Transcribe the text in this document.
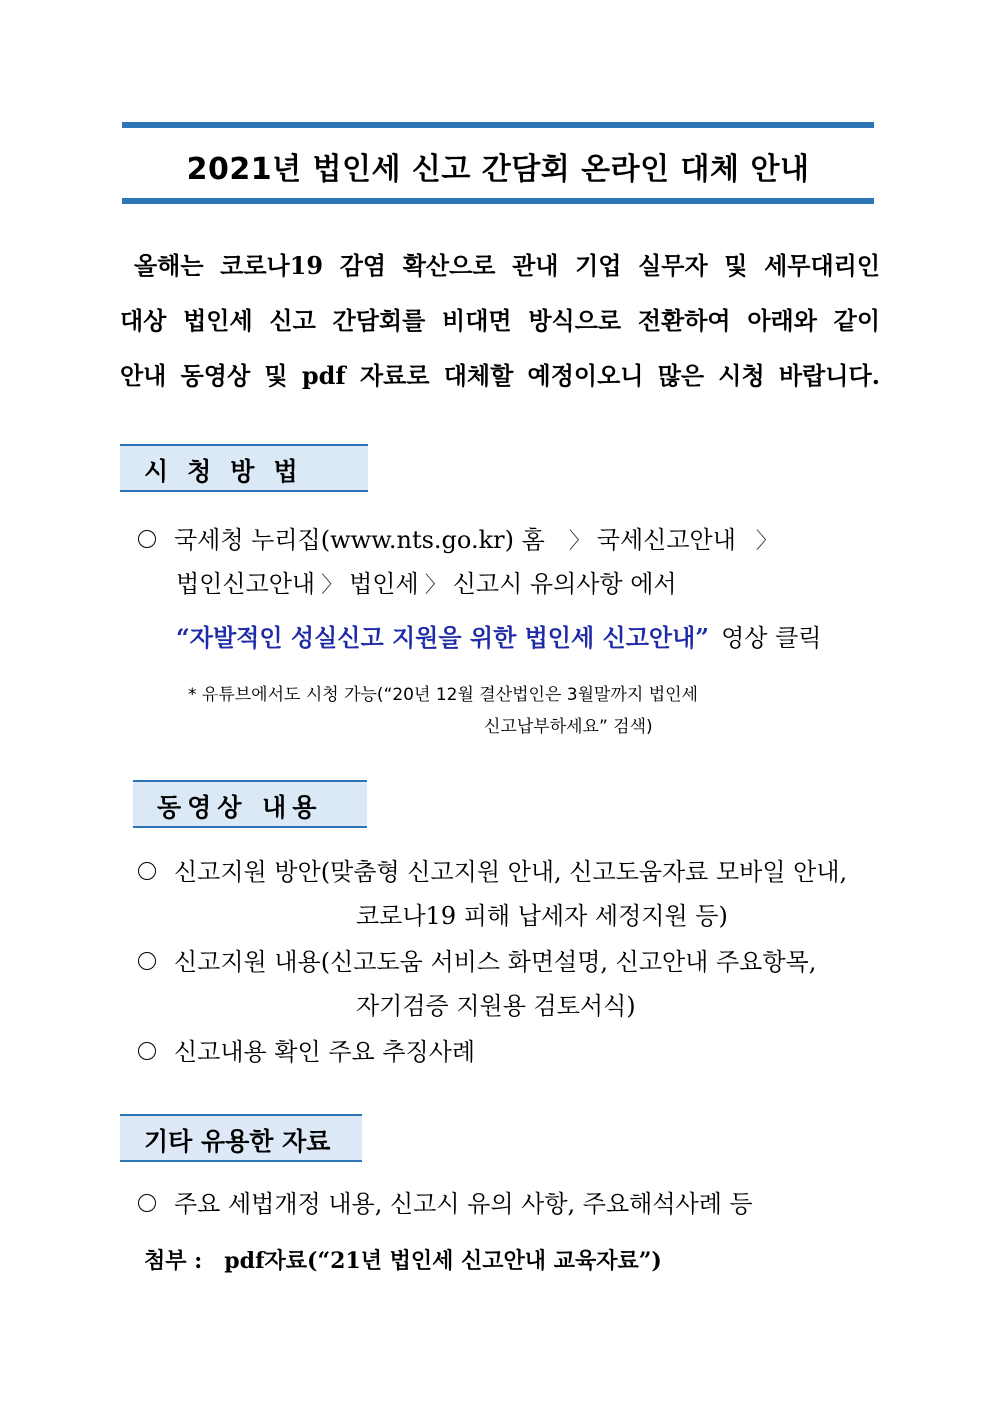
2021년 법인세 신고 간담회 온라인 대체 안내
올해는 코로나19 감염 확산으로 관내 기업 실무자 및 세무대리인
대상 법인세 신고 간담회를 비대면 방식으로 전환하여 아래와 같이
안내 동영상 및 pdf 자료로 대체할 예정이오니 많은 시청 바랍니다.
시청방법
국세청 누리집(www.nts.go.kr) 홈 〉 국세신고안내 〉
법인신고안내 〉 법인세 〉 신고시 유의사항 에서
“자발적인 성실신고 지원을 위한 법인세 신고안내” 영상 클릭
* 유튜브에서도 시청 가능(“20년 12월 결산법인은 3월말까지 법인세
신고납부하세요” 검색)
동영상 내용
신고지원 방안(맞춤형 신고지원 안내, 신고도움자료 모바일 안내,
코로나19 피해 납세자 세정지원 등)
신고지원 내용(신고도움 서비스 화면설명, 신고안내 주요항목,
자기검증 지원용 검토서식)
신고내용 확인 주요 추징사례
기타 유용한 자료
주요 세법개정 내용, 신고시 유의 사항, 주요해석사례 등
첨부 : pdf자료(“21년 법인세 신고안내 교육자료”)
